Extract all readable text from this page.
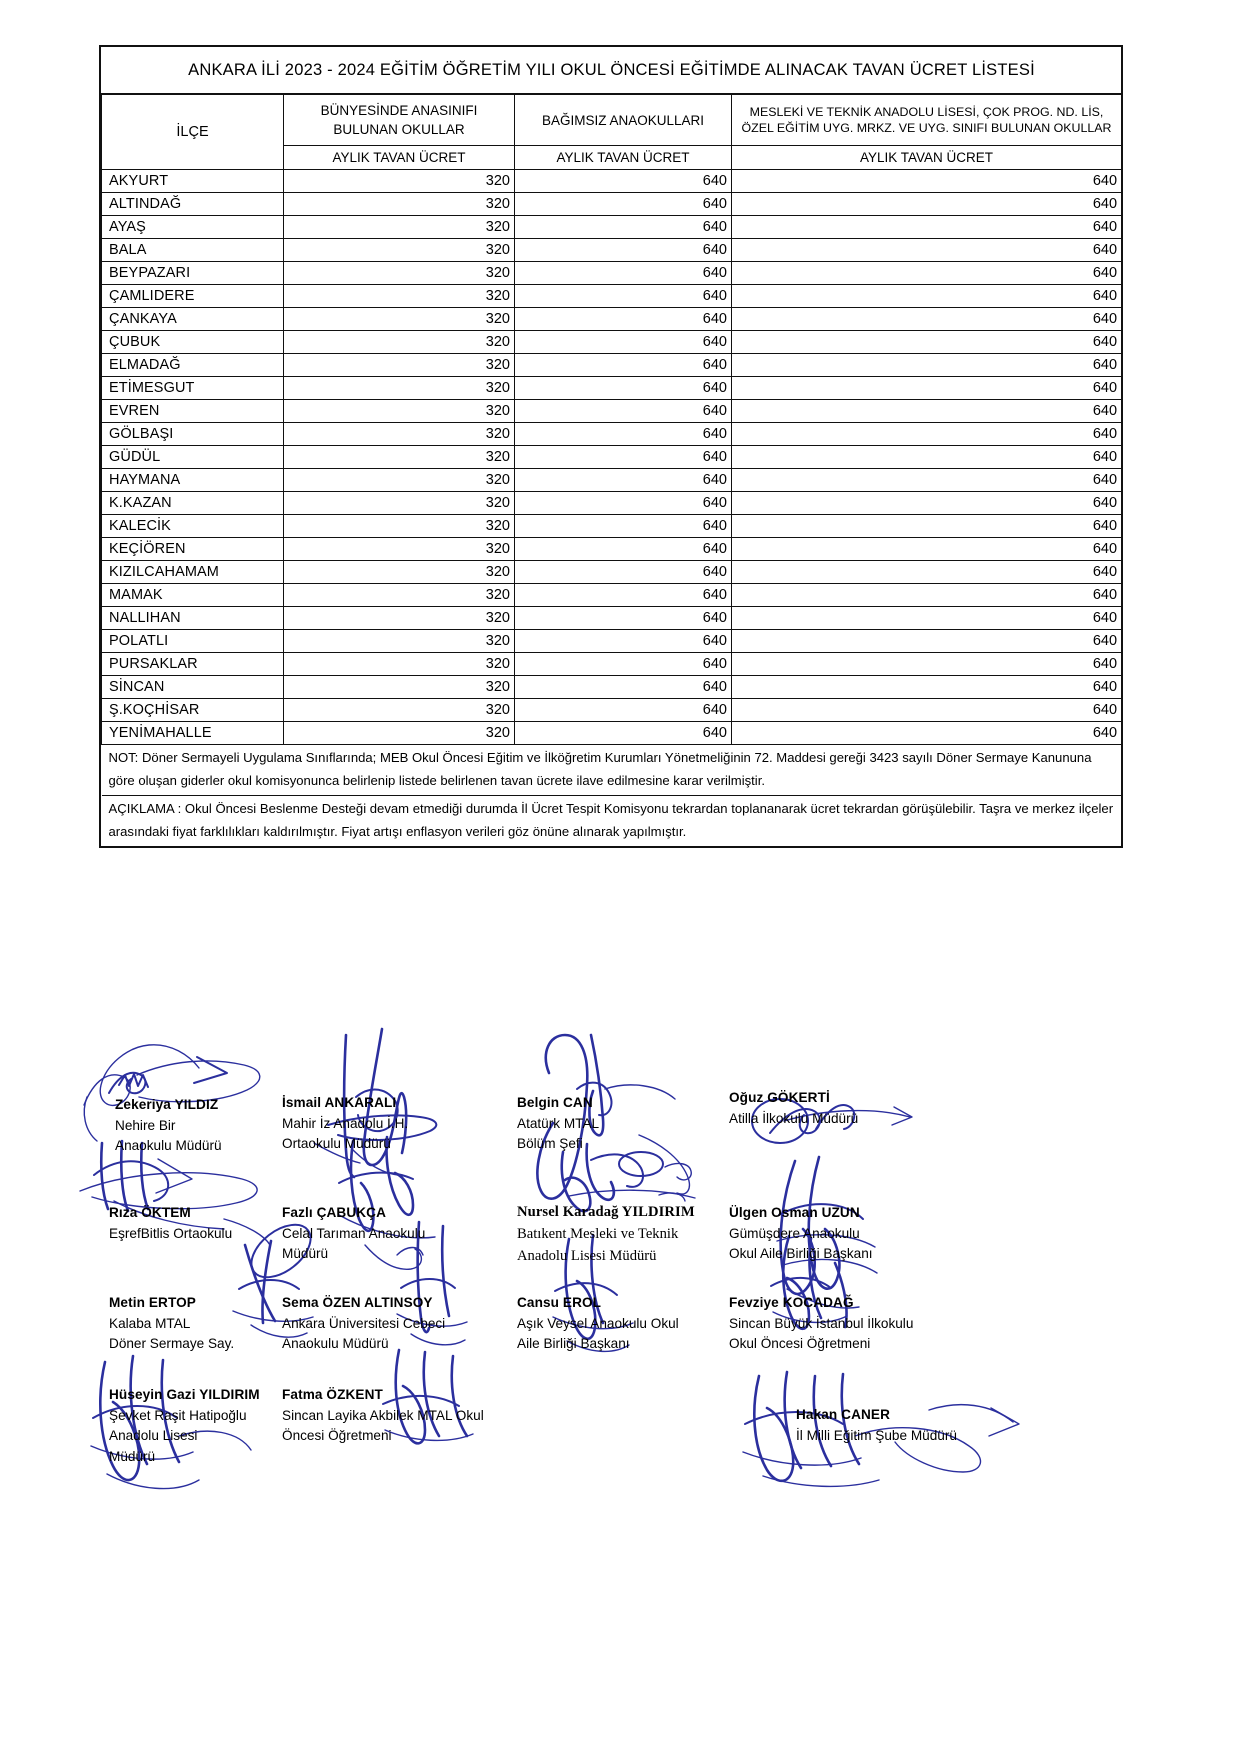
ANKARA İLİ 2023 - 2024 EĞİTİM ÖĞRETİM YILI OKUL ÖNCESİ EĞİTİMDE ALINACAK TAVAN ÜCRET LİSTESİ			
İLÇE	BÜNYESİNDE ANASINIFI BULUNAN OKULLAR	BAĞIMSIZ ANAOKULLARI	MESLEKİ VE TEKNİK ANADOLU LİSESİ, ÇOK PROG. ND. LİS, ÖZEL EĞİTİM UYG. MRKZ. VE UYG. SINIFI BULUNAN OKULLAR
	AYLIK TAVAN ÜCRET	AYLIK TAVAN ÜCRET	AYLIK TAVAN ÜCRET
AKYURT	320	640	640
ALTINDAĞ	320	640	640
AYAŞ	320	640	640
BALA	320	640	640
BEYPAZARI	320	640	640
ÇAMLIDERE	320	640	640
ÇANKAYA	320	640	640
ÇUBUK	320	640	640
ELMADAĞ	320	640	640
ETİMESGUT	320	640	640
EVREN	320	640	640
GÖLBAŞI	320	640	640
GÜDÜL	320	640	640
HAYMANA	320	640	640
K.KAZAN	320	640	640
KALECİK	320	640	640
KEÇİÖREN	320	640	640
KIZILCAHAMAM	320	640	640
MAMAK	320	640	640
NALLIHAN	320	640	640
POLATLI	320	640	640
PURSAKLAR	320	640	640
SİNCAN	320	640	640
Ş.KOÇHİSAR	320	640	640
YENİMAHALLE	320	640	640
NOT: Döner Sermayeli Uygulama Sınıflarında; MEB Okul Öncesi Eğitim ve İlköğretim Kurumları Yönetmeliğinin 72. Maddesi gereği 3423 sayılı Döner Sermaye Kanununa göre oluşan giderler okul komisyonunca belirlenip listede belirlenen tavan ücrete ilave edilmesine karar verilmiştir.			
AÇIKLAMA : Okul Öncesi Beslenme Desteği devam etmediği durumda İl Ücret Tespit Komisyonu tekrardan toplananarak ücret tekrardan görüşülebilir. Taşra ve merkez ilçeler arasındaki fiyat farklılıkları kaldırılmıştır. Fiyat artışı enflasyon verileri göz önüne alınarak yapılmıştır.			
Zekeriya YILDIZ
Nehire Bir
Anaokulu Müdürü
İsmail ANKARALI
Mahir İz Anadolu İ.H.
Ortaokulu Müdürü
Belgin CAN
Atatürk MTAL
Bölüm Şefi
Oğuz GÖKERTİ
Atilla İlkokulu Müdürü
Rıza ÖKTEM
EşrefBitlis Ortaokulu
Fazlı ÇABUKÇA
Celal Tarıman Anaokulu
Müdürü
Nursel Karadağ YILDIRIM
Batıkent Mesleki ve Teknik
Anadolu Lisesi Müdürü
Ülgen Osman UZUN
Gümüşdere Anaokulu
Okul Aile Birliği Başkanı
Metin ERTOP
Kalaba MTAL
Döner Sermaye Say.
Sema ÖZEN ALTINSOY
Ankara Üniversitesi Cebeci
Anaokulu Müdürü
Cansu EROL
Aşık Veysel Anaokulu Okul
Aile Birliği Başkanı
Fevziye KOCADAĞ
Sincan Büyük İstanbul İlkokulu
Okul Öncesi Öğretmeni
Hüseyin Gazi YILDIRIM
Şevket Raşit Hatipoğlu
Anadolu Lisesi
Müdürü
Fatma ÖZKENT
Sincan Layika Akbilek MTAL Okul
Öncesi Öğretmeni
Hakan CANER
İl Milli Eğitim Şube Müdürü
